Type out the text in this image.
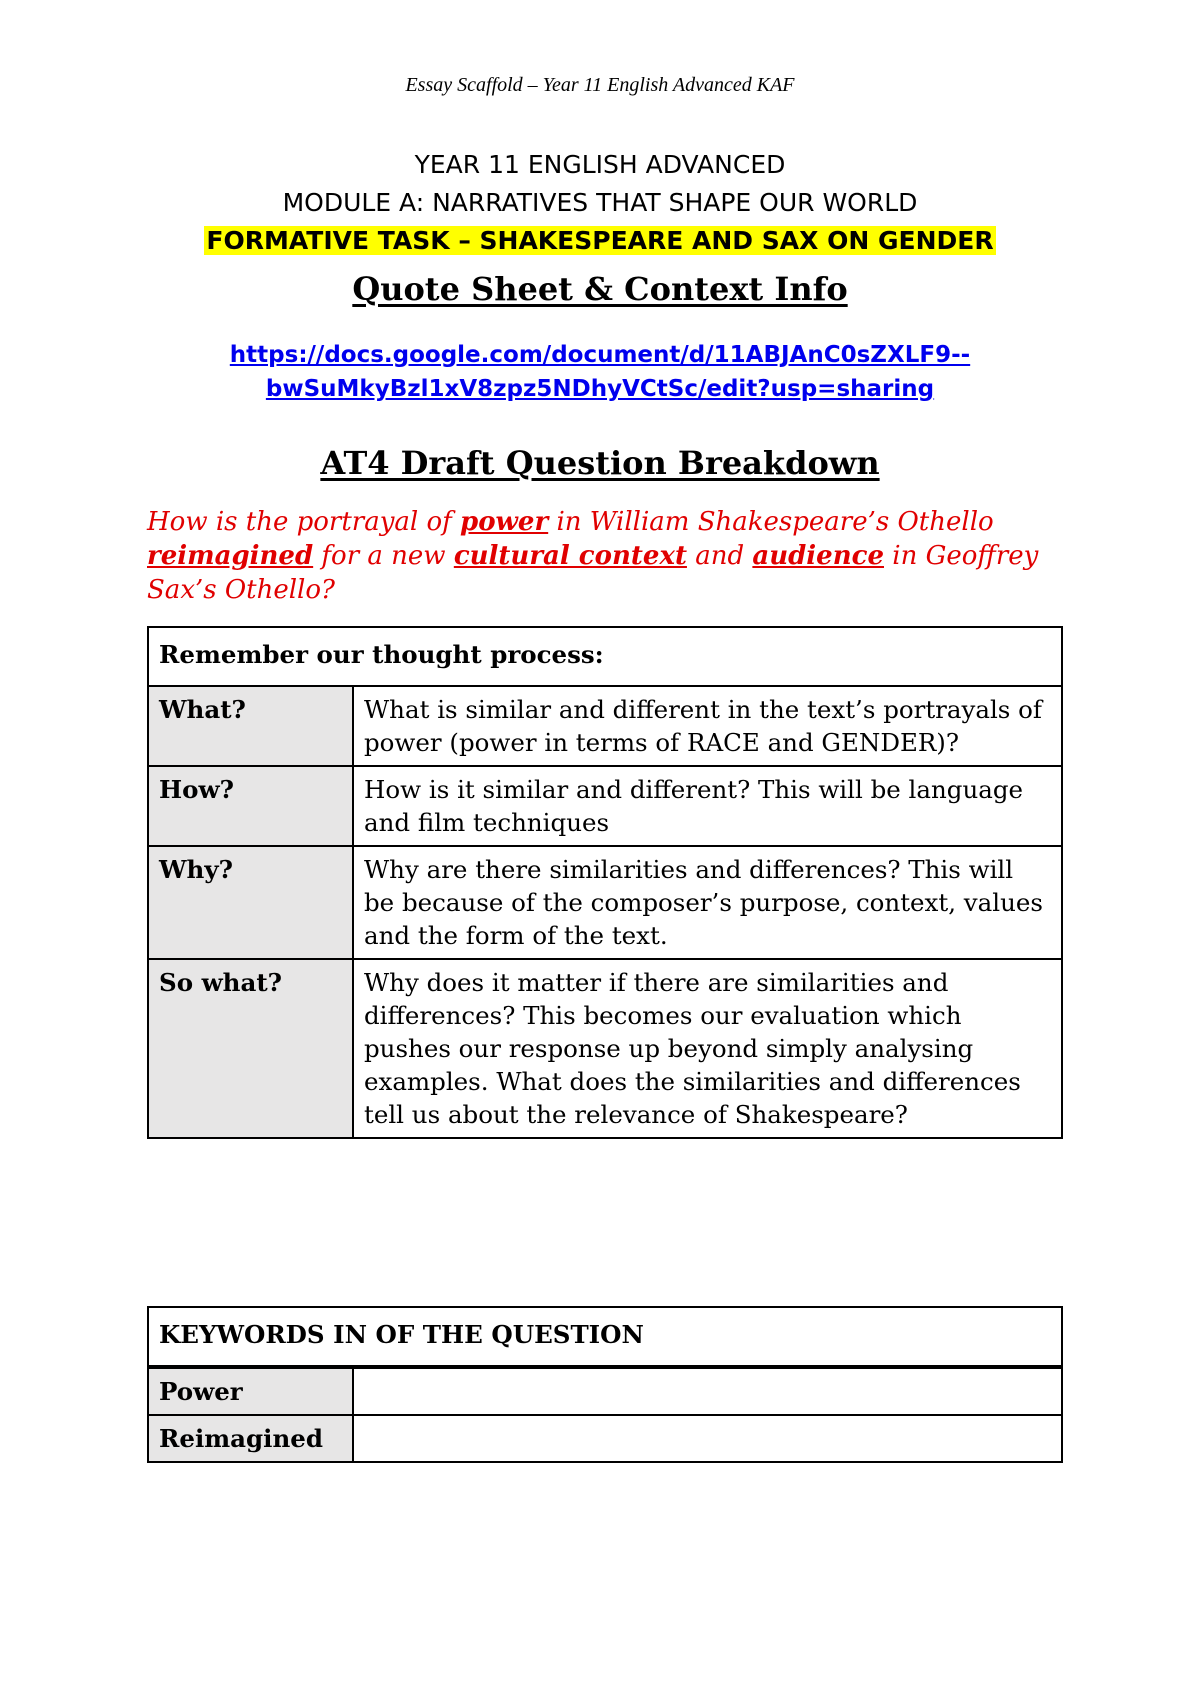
Essay Scaffold – Year 11 English Advanced KAF
YEAR 11 ENGLISH ADVANCED
MODULE A: NARRATIVES THAT SHAPE OUR WORLD
FORMATIVE TASK – SHAKESPEARE AND SAX ON GENDER
Quote Sheet & Context Info
https://docs.google.com/document/d/11ABJAnC0sZXLF9--
bwSuMkyBzl1xV8zpz5NDhyVCtSc/edit?usp=sharing
AT4 Draft Question Breakdown
How is the portrayal of power in William Shakespeare’s Othello reimagined for a new cultural context and audience in Geoffrey Sax’s Othello?
Remember our thought process:	
What?	What is similar and different in the text’s portrayals of power (power in terms of RACE and GENDER)?
How?	How is it similar and different? This will be language and film techniques
Why?	Why are there similarities and differences? This will be because of the composer’s purpose, context, values and the form of the text.
So what?	Why does it matter if there are similarities and differences? This becomes our evaluation which pushes our response up beyond simply analysing examples. What does the similarities and differences tell us about the relevance of Shakespeare?
KEYWORDS IN OF THE QUESTION	
Power	
Reimagined	
